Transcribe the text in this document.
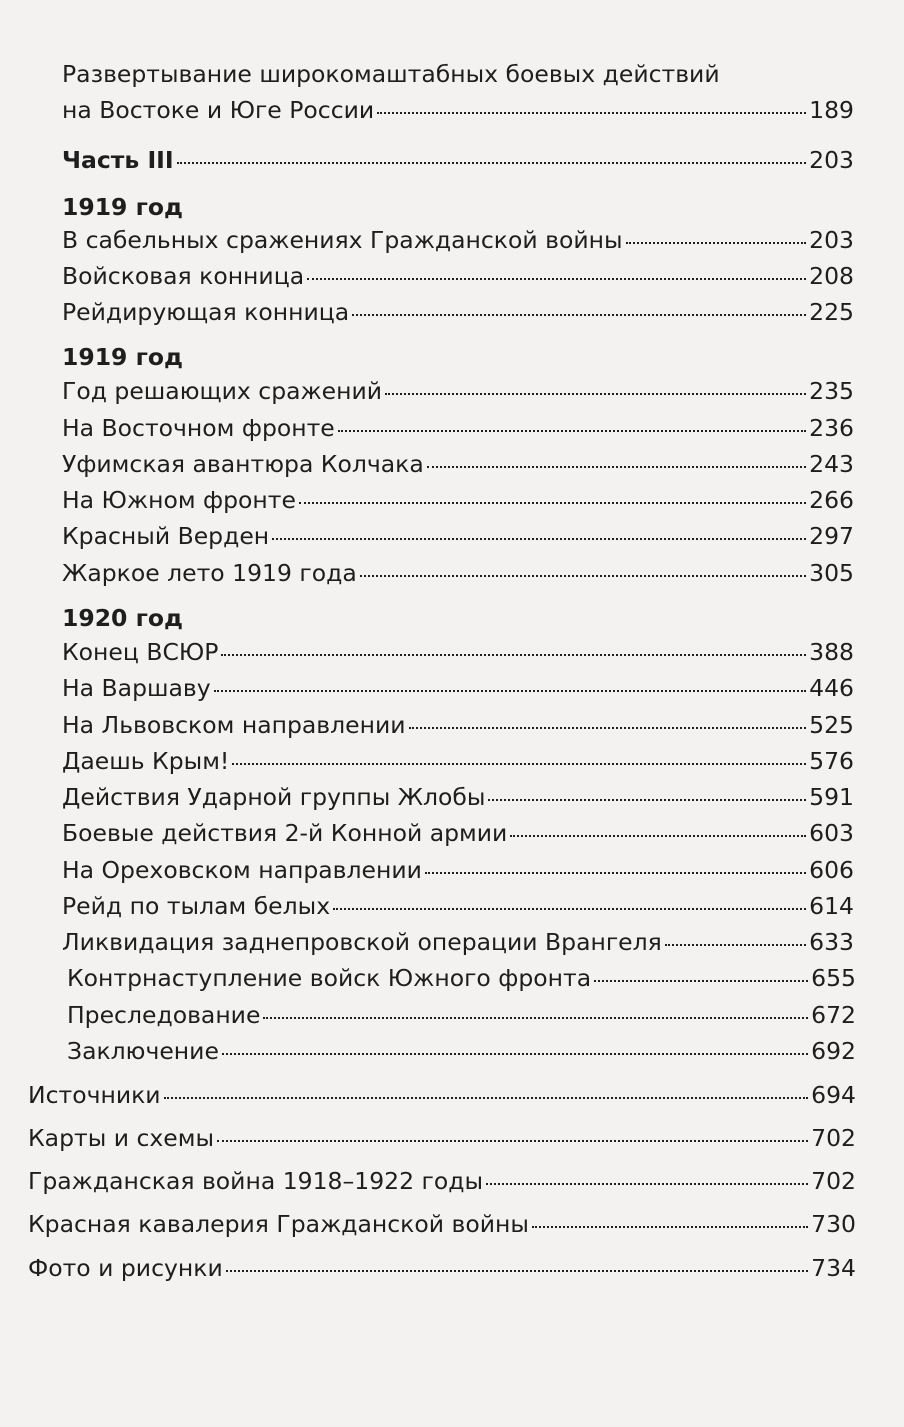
Развертывание широкомаштабных боевых действий
на Востоке и Юге России	189
Часть III	203
1919 год
В сабельных сражениях Гражданской войны	203
Войсковая конница	208
Рейдирующая конница	225
1919 год
Год решающих сражений	235
На Восточном фронте	236
Уфимская авантюра Колчака	243
На Южном фронте	266
Красный Верден	297
Жаркое лето 1919 года	305
1920 год
Конец ВСЮР	388
На Варшаву	446
На Львовском направлении	525
Даешь Крым!	576
Действия Ударной группы Жлобы	591
Боевые действия 2-й Конной армии	603
На Ореховском направлении	606
Рейд по тылам белых	614
Ликвидация заднепровской операции Врангеля	633
Контрнаступление войск Южного фронта	655
Преследование	672
Заключение	692
Источники	694
Карты и схемы	702
Гражданская война 1918–1922 годы	702
Красная кавалерия Гражданской войны	730
Фото и рисунки	734
